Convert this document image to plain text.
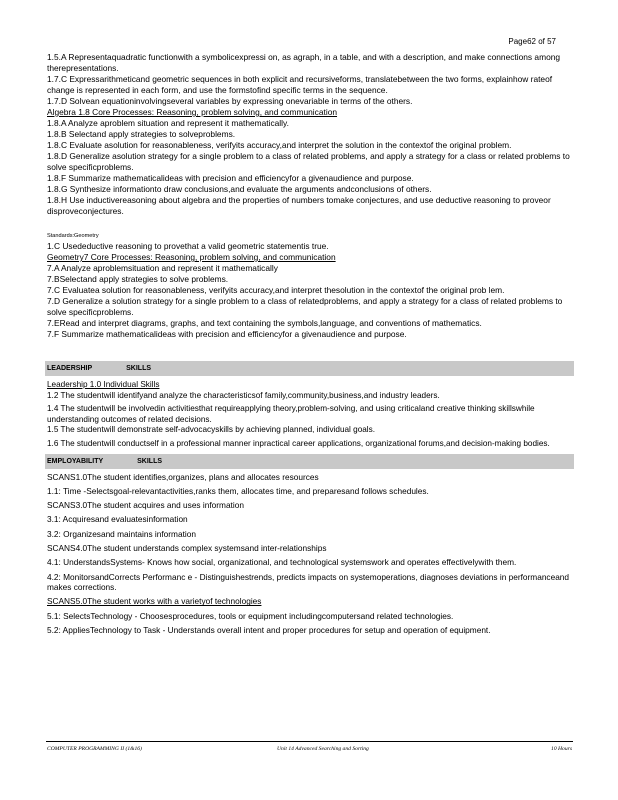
Page62 of 57

1.5.A Representaquadratic functionwith a symbolicexpressi on, as agraph, in a table, and with a description, and make connections among therepresentations.

1.7.C Expressarithmeticand geometric sequences in both explicit and recursiveforms, translatebetween the two forms, explainhow rateof change is represented in each form, and use the formstofind specific terms in the sequence.

1.7.D Solvean equationinvolvingseveral variables by expressing onevariable in terms of the others.

Algebra 1.8 Core Processes: Reasoning, problem solving, and communication

1.8.A Analyze aproblem situation and represent it mathematically.

1.8.B Selectand apply strategies to solveproblems.

1.8.C Evaluate asolution for reasonableness, verifyits accuracy,and interpret the solution in the contextof the original problem.

1.8.D Generalize asolution strategy for a single problem to a class of related problems, and apply a strategy for a class or related problems to solve specificproblems.

1.8.F Summarize mathematicalideas with precision and efficiencyfor a givenaudience and purpose.

1.8.G Synthesize informationto draw conclusions,and evaluate the arguments andconclusions of others.

1.8.H Use inductivereasoning about algebra and the properties of numbers tomake conjectures, and use deductive reasoning to proveor disproveconjectures.

Standards:Geometry

1.C Usedeductive reasoning to provethat a valid geometric statementis true.

Geometry7 Core Processes: Reasoning, problem solving, and communication

7.A Analyze aproblemsituation and represent it mathematically

7.BSelectand apply strategies to solve problems.

7.C Evaluatea solution for reasonableness, verifyits accuracy,and interpret thesolution in the contextof the original prob lem.

7.D Generalize a solution strategy for a single problem to a class of relatedproblems, and apply a strategy for a class of related problems to solve specificproblems.

7.ERead and interpret diagrams, graphs, and text containing the symbols,language, and conventions of mathematics.

7.F Summarize mathematicalideas with precision and efficiencyfor a givenaudience and purpose.

LEADERSHIP	SKILLS

Leadership 1.0 Individual Skills

1.2 The studentwill identifyand analyze the characteristicsof family,community,business,and industry leaders.

1.4 The studentwill be involvedin activitiesthat requireapplying theory,problem-solving, and using criticaland creative thinking skillswhile understanding outcomes of related decisions.

1.5 The studentwill demonstrate self-advocacyskills by achieving planned, individual goals.

1.6 The studentwill conductself in a professional manner inpractical career applications, organizational forums,and decision-making bodies.

EMPLOYABILITY	SKILLS

SCANS1.0The student identifies,organizes, plans and allocates resources

1.1: Time -Selectsgoal-relevantactivities,ranks them, allocates time, and preparesand follows schedules.

SCANS3.0The student acquires and uses information

3.1: Acquiresand evaluatesinformation

3.2: Organizesand maintains information

SCANS4.0The student understands complex systemsand inter-relationships

4.1: UnderstandsSystems- Knows how social, organizational, and technological systemswork and operates effectivelywith them.

4.2: MonitorsandCorrects Performanc e - Distinguishestrends, predicts impacts on systemoperations, diagnoses deviations in performanceand makes corrections.

SCANS5.0The student works with a varietyof technologies

5.1: SelectsTechnology - Choosesprocedures, tools or equipment includingcomputersand related technologies.

5.2: AppliesTechnology to Task - Understands overall intent and proper procedures for setup and operation of equipment.

COMPUTER PROGRAMMING II (1&16)	Unit 14 Advanced Searching and Sorting	10 Hours
